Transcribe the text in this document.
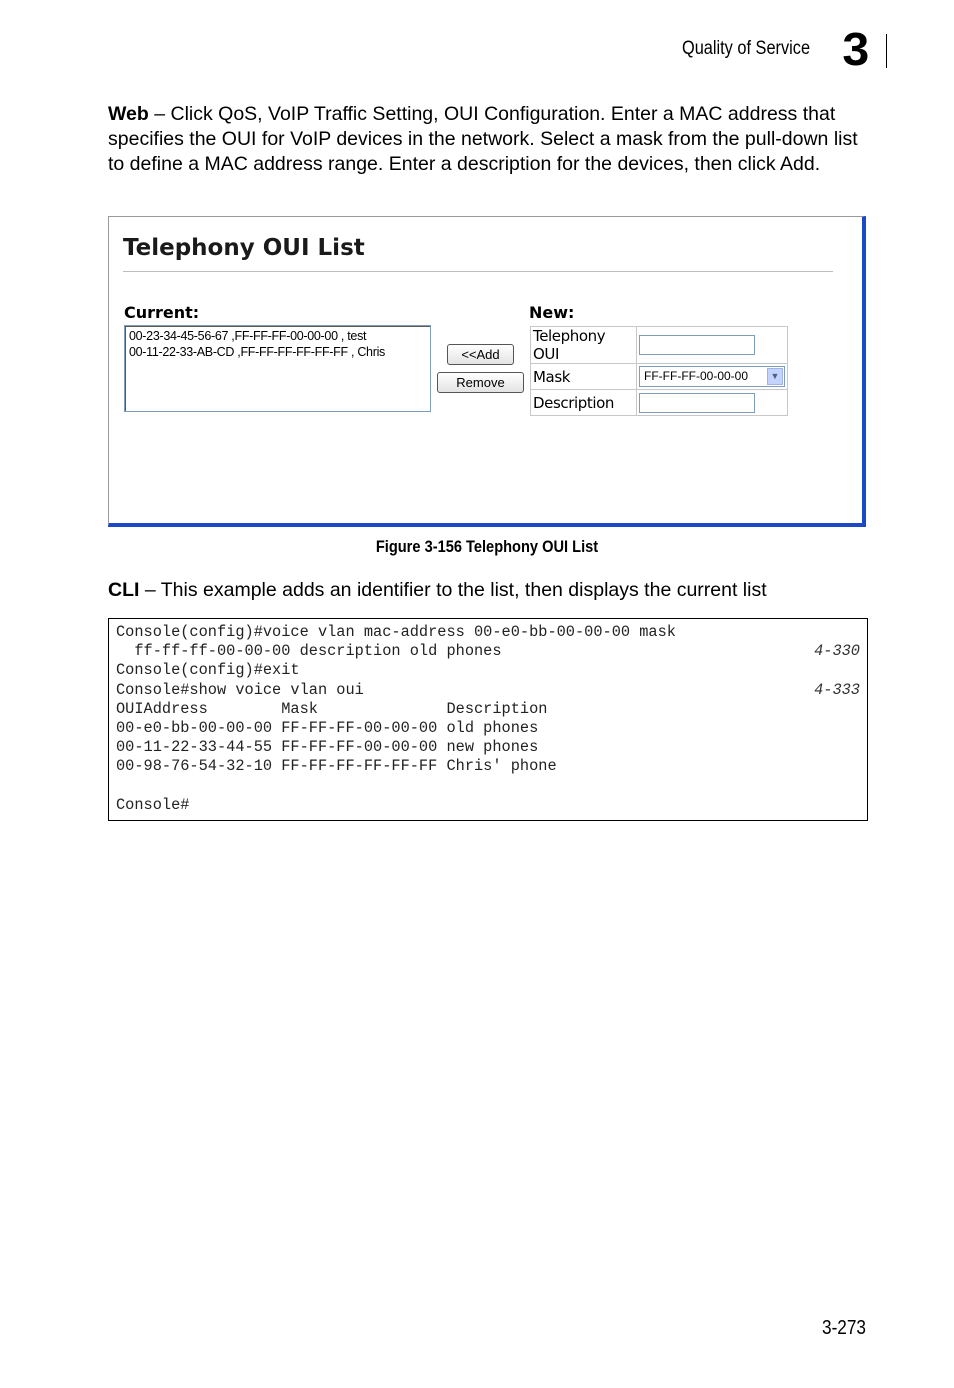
Quality of Service 3
Web – Click QoS, VoIP Traffic Setting, OUI Configuration. Enter a MAC address that specifies the OUI for VoIP devices in the network. Select a mask from the pull-down list to define a MAC address range. Enter a description for the devices, then click Add.
Telephony OUI List
Current:
00-23-34-45-56-67 ,FF-FF-FF-00-00-00 , test
00-11-22-33-AB-CD ,FF-FF-FF-FF-FF-FF , Chris	<<Add
Remove
New:
Telephony OUI	

Mask	FF-FF-FF-00-00-00 ▼

Description	
Figure 3-156 Telephony OUI List
CLI – This example adds an identifier to the list, then displays the current list
Console(config)#voice vlan mac-address 00-e0-bb-00-00-00 mask
ff-ff-ff-00-00-00 description old phones	4-330
Console(config)#exit
Console#show voice vlan oui	4-333
OUIAddress        Mask              Description
00-e0-bb-00-00-00 FF-FF-FF-00-00-00 old phones
00-11-22-33-44-55 FF-FF-FF-00-00-00 new phones
00-98-76-54-32-10 FF-FF-FF-FF-FF-FF Chris' phone
Console#
3-273
